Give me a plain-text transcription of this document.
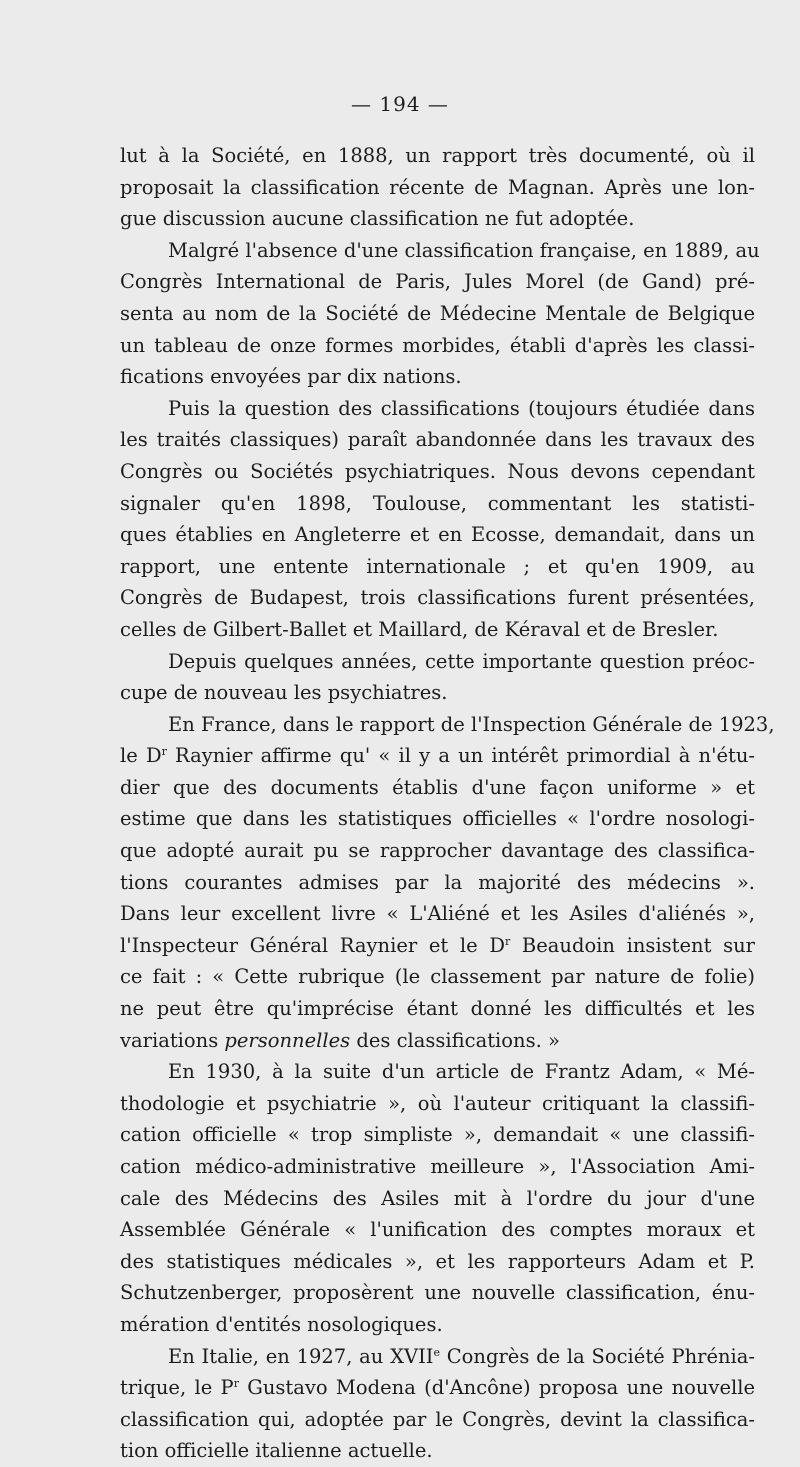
— 194 —
lut à la Société, en 1888, un rapport très documenté, où il
proposait la classification récente de Magnan. Après une lon-
gue discussion aucune classification ne fut adoptée.
Malgré l'absence d'une classification française, en 1889, au
Congrès International de Paris, Jules Morel (de Gand) pré-
senta au nom de la Société de Médecine Mentale de Belgique
un tableau de onze formes morbides, établi d'après les classi-
fications envoyées par dix nations.
Puis la question des classifications (toujours étudiée dans
les traités classiques) paraît abandonnée dans les travaux des
Congrès ou Sociétés psychiatriques. Nous devons cependant
signaler qu'en 1898, Toulouse, commentant les statisti-
ques établies en Angleterre et en Ecosse, demandait, dans un
rapport, une entente internationale ; et qu'en 1909, au
Congrès de Budapest, trois classifications furent présentées,
celles de Gilbert-Ballet et Maillard, de Kéraval et de Bresler.
Depuis quelques années, cette importante question préoc-
cupe de nouveau les psychiatres.
En France, dans le rapport de l'Inspection Générale de 1923,
le $D^r$ Raynier affirme qu' « il y a un intérêt primordial à n'étu-
dier que des documents établis d'une façon uniforme » et
estime que dans les statistiques officielles « l'ordre nosologi-
que adopté aurait pu se rapprocher davantage des classifica-
tions courantes admises par la majorité des médecins ».
Dans leur excellent livre « L'Aliéné et les Asiles d'aliénés »,
l'Inspecteur Général Raynier et le $D^r$ Beaudoin insistent sur
ce fait : « Cette rubrique (le classement par nature de folie)
ne peut être qu'imprécise étant donné les difficultés et les
variations personnelles des classifications. »
En 1930, à la suite d'un article de Frantz Adam, « Mé-
thodologie et psychiatrie », où l'auteur critiquant la classifi-
cation officielle « trop simpliste », demandait « une classifi-
cation médico-administrative meilleure », l'Association Ami-
cale des Médecins des Asiles mit à l'ordre du jour d'une
Assemblée Générale « l'unification des comptes moraux et
des statistiques médicales », et les rapporteurs Adam et P.
Schutzenberger, proposèrent une nouvelle classification, énu-
mération d'entités nosologiques.
En Italie, en 1927, au XVIIe Congrès de la Société Phrénia-
trique, le $P^r$ Gustavo Modena (d'Ancône) proposa une nouvelle
classification qui, adoptée par le Congrès, devint la classifica-
tion officielle italienne actuelle.
